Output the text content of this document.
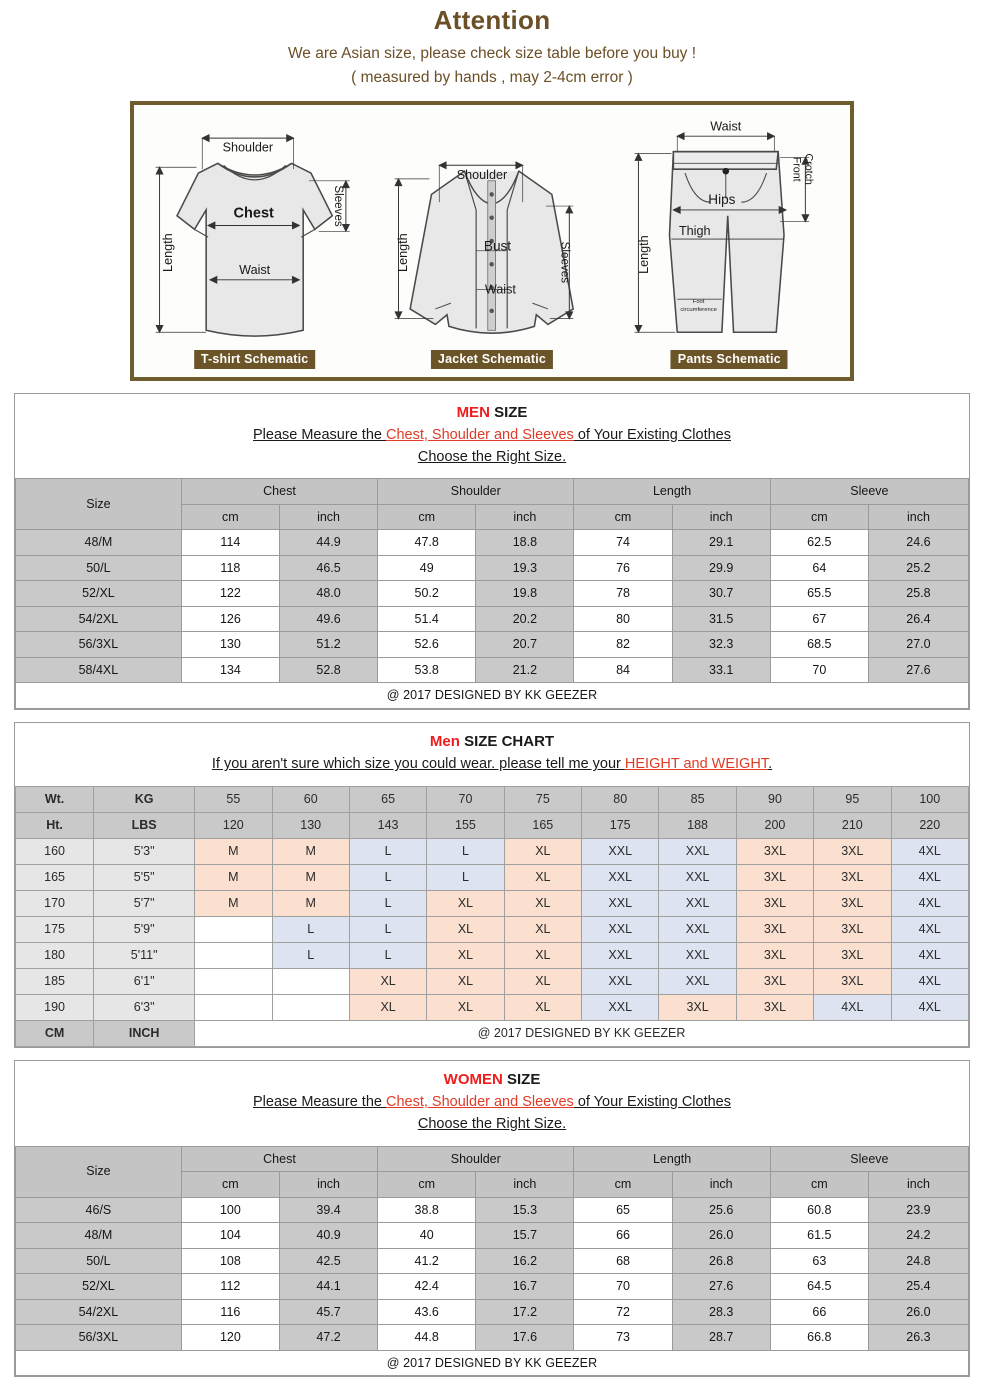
Attention
We are Asian size, please check size table before you buy !
( measured by hands , may 2-4cm error )
Shoulder
Chest
Waist
Length
Sleeves
T-shirt Schematic
Shoulder
Bust
Waist
Length	Sleeves
Jacket Schematic
Waist
Hips
Thigh
Length
Front Crotch
Foot
circumference
Pants Schematic
MEN SIZE
Please Measure the Chest, Shoulder and Sleeves of Your Existing Clothes
Choose the Right Size.
Size	Chest		Shoulder		Length		Sleeve	
	cm	inch	cm	inch	cm	inch	cm	inch
48/M	114	44.9	47.8	18.8	74	29.1	62.5	24.6
50/L	118	46.5	49	19.3	76	29.9	64	25.2
52/XL	122	48.0	50.2	19.8	78	30.7	65.5	25.8
54/2XL	126	49.6	51.4	20.2	80	31.5	67	26.4
56/3XL	130	51.2	52.6	20.7	82	32.3	68.5	27.0
58/4XL	134	52.8	53.8	21.2	84	33.1	70	27.6
@ 2017 DESIGNED BY KK GEEZER								
Men SIZE CHART
If you aren't sure which size you could wear. please tell me your HEIGHT and WEIGHT.
Wt.	KG	55	60	65	70	75	80	85	90	95	100
Ht.	LBS	120	130	143	155	165	175	188	200	210	220
160	5'3"	M	M	L	L	XL	XXL	XXL	3XL	3XL	4XL
165	5'5"	M	M	L	L	XL	XXL	XXL	3XL	3XL	4XL
170	5'7"	M	M	L	XL	XL	XXL	XXL	3XL	3XL	4XL
175	5'9"		L	L	XL	XL	XXL	XXL	3XL	3XL	4XL
180	5'11"		L	L	XL	XL	XXL	XXL	3XL	3XL	4XL
185	6'1"			XL	XL	XL	XXL	XXL	3XL	3XL	4XL
190	6'3"			XL	XL	XL	XXL	3XL	3XL	4XL	4XL
CM	INCH	@ 2017 DESIGNED BY KK GEEZER									
WOMEN SIZE
Please Measure the Chest, Shoulder and Sleeves of Your Existing Clothes
Choose the Right Size.
Size	Chest		Shoulder		Length		Sleeve	
	cm	inch	cm	inch	cm	inch	cm	inch
46/S	100	39.4	38.8	15.3	65	25.6	60.8	23.9
48/M	104	40.9	40	15.7	66	26.0	61.5	24.2
50/L	108	42.5	41.2	16.2	68	26.8	63	24.8
52/XL	112	44.1	42.4	16.7	70	27.6	64.5	25.4
54/2XL	116	45.7	43.6	17.2	72	28.3	66	26.0
56/3XL	120	47.2	44.8	17.6	73	28.7	66.8	26.3
@ 2017 DESIGNED BY KK GEEZER								
